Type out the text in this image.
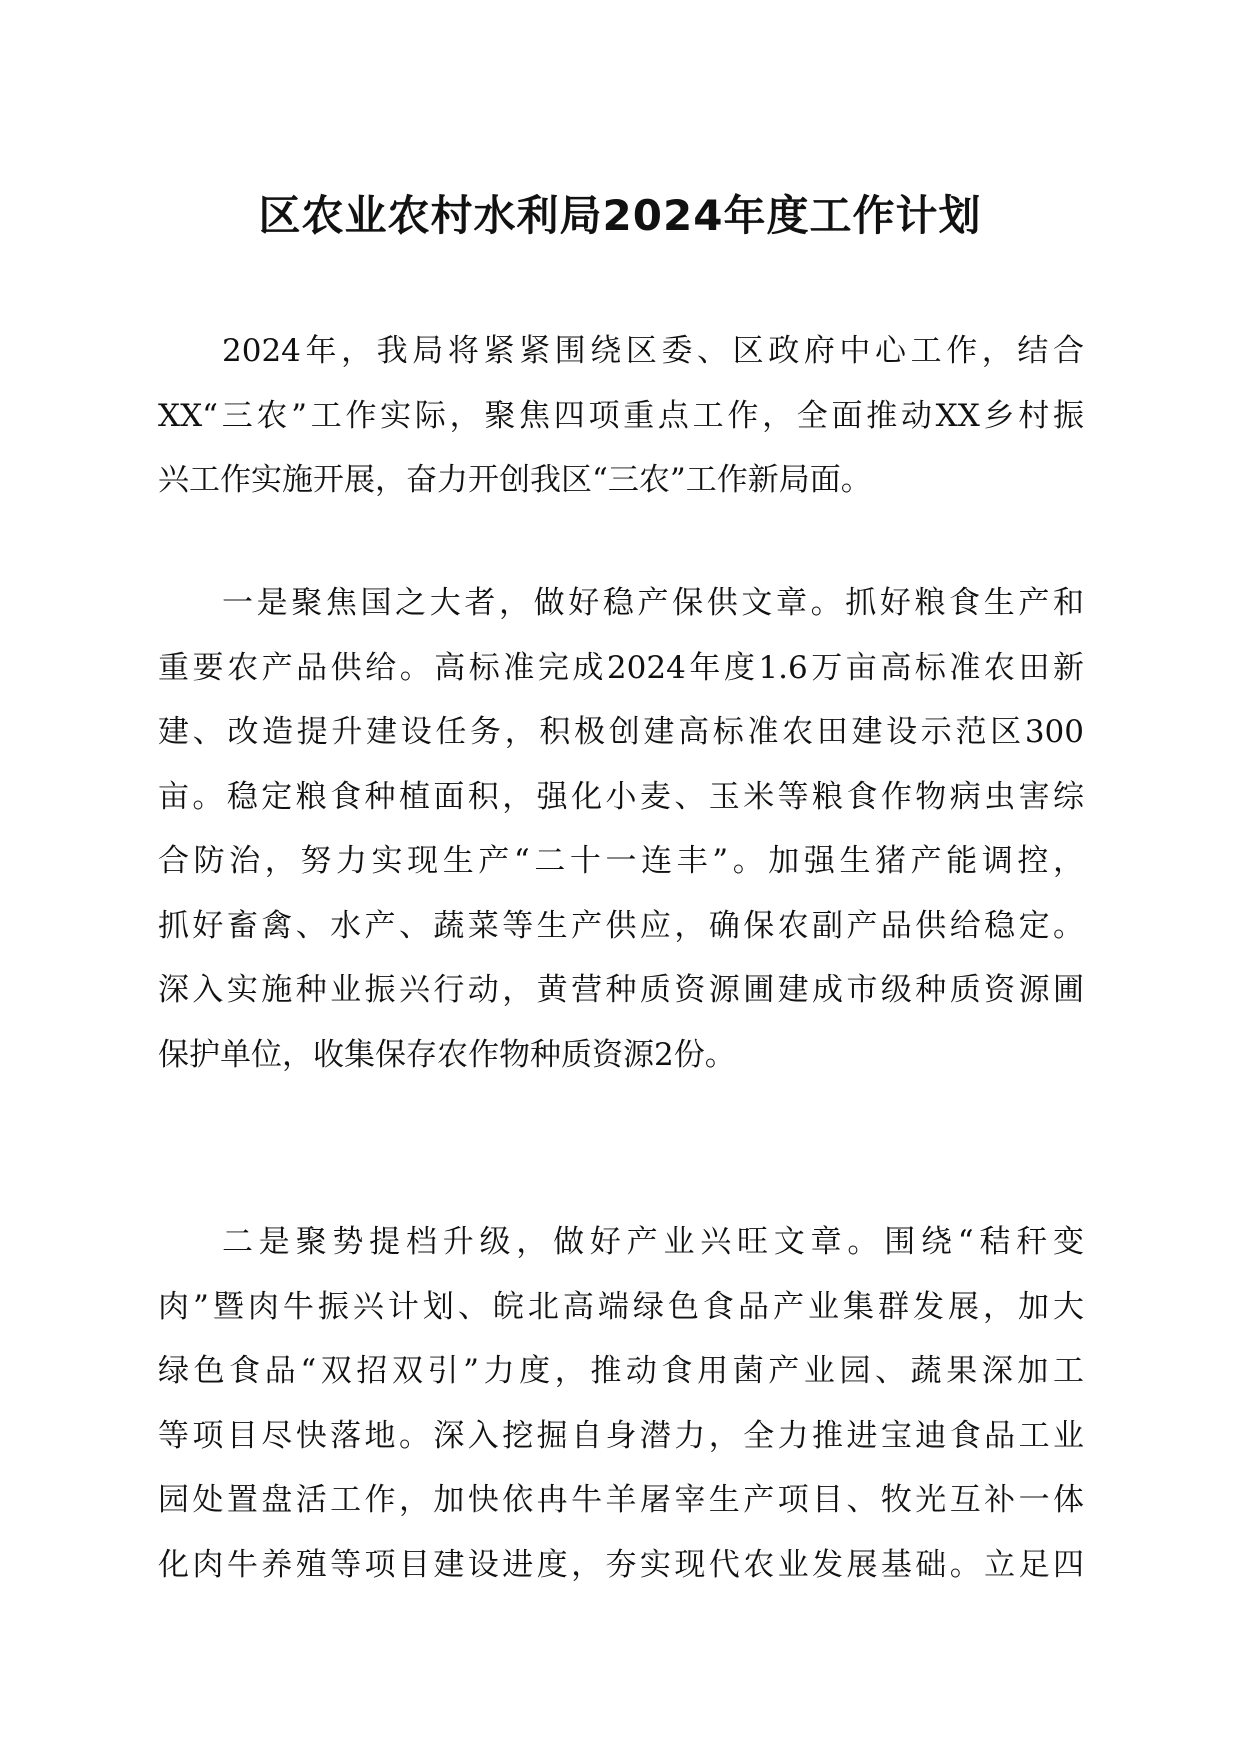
区农业农村水利局2024年度工作计划
2024年，我局将紧紧围绕区委、区政府中心工作，结合
XX“三农”工作实际，聚焦四项重点工作，全面推动XX乡村振
兴工作实施开展，奋力开创我区“三农”工作新局面。
一是聚焦国之大者，做好稳产保供文章。抓好粮食生产和
重要农产品供给。高标准完成2024年度1.6万亩高标准农田新
建、改造提升建设任务，积极创建高标准农田建设示范区300
亩。稳定粮食种植面积，强化小麦、玉米等粮食作物病虫害综
合防治，努力实现生产“二十一连丰”。加强生猪产能调控，
抓好畜禽、水产、蔬菜等生产供应，确保农副产品供给稳定。
深入实施种业振兴行动，黄营种质资源圃建成市级种质资源圃
保护单位，收集保存农作物种质资源2份。
二是聚势提档升级，做好产业兴旺文章。围绕“秸秆变
肉”暨肉牛振兴计划、皖北高端绿色食品产业集群发展，加大
绿色食品“双招双引”力度，推动食用菌产业园、蔬果深加工
等项目尽快落地。深入挖掘自身潜力，全力推进宝迪食品工业
园处置盘活工作，加快依冉牛羊屠宰生产项目、牧光互补一体
化肉牛养殖等项目建设进度，夯实现代农业发展基础。立足四
